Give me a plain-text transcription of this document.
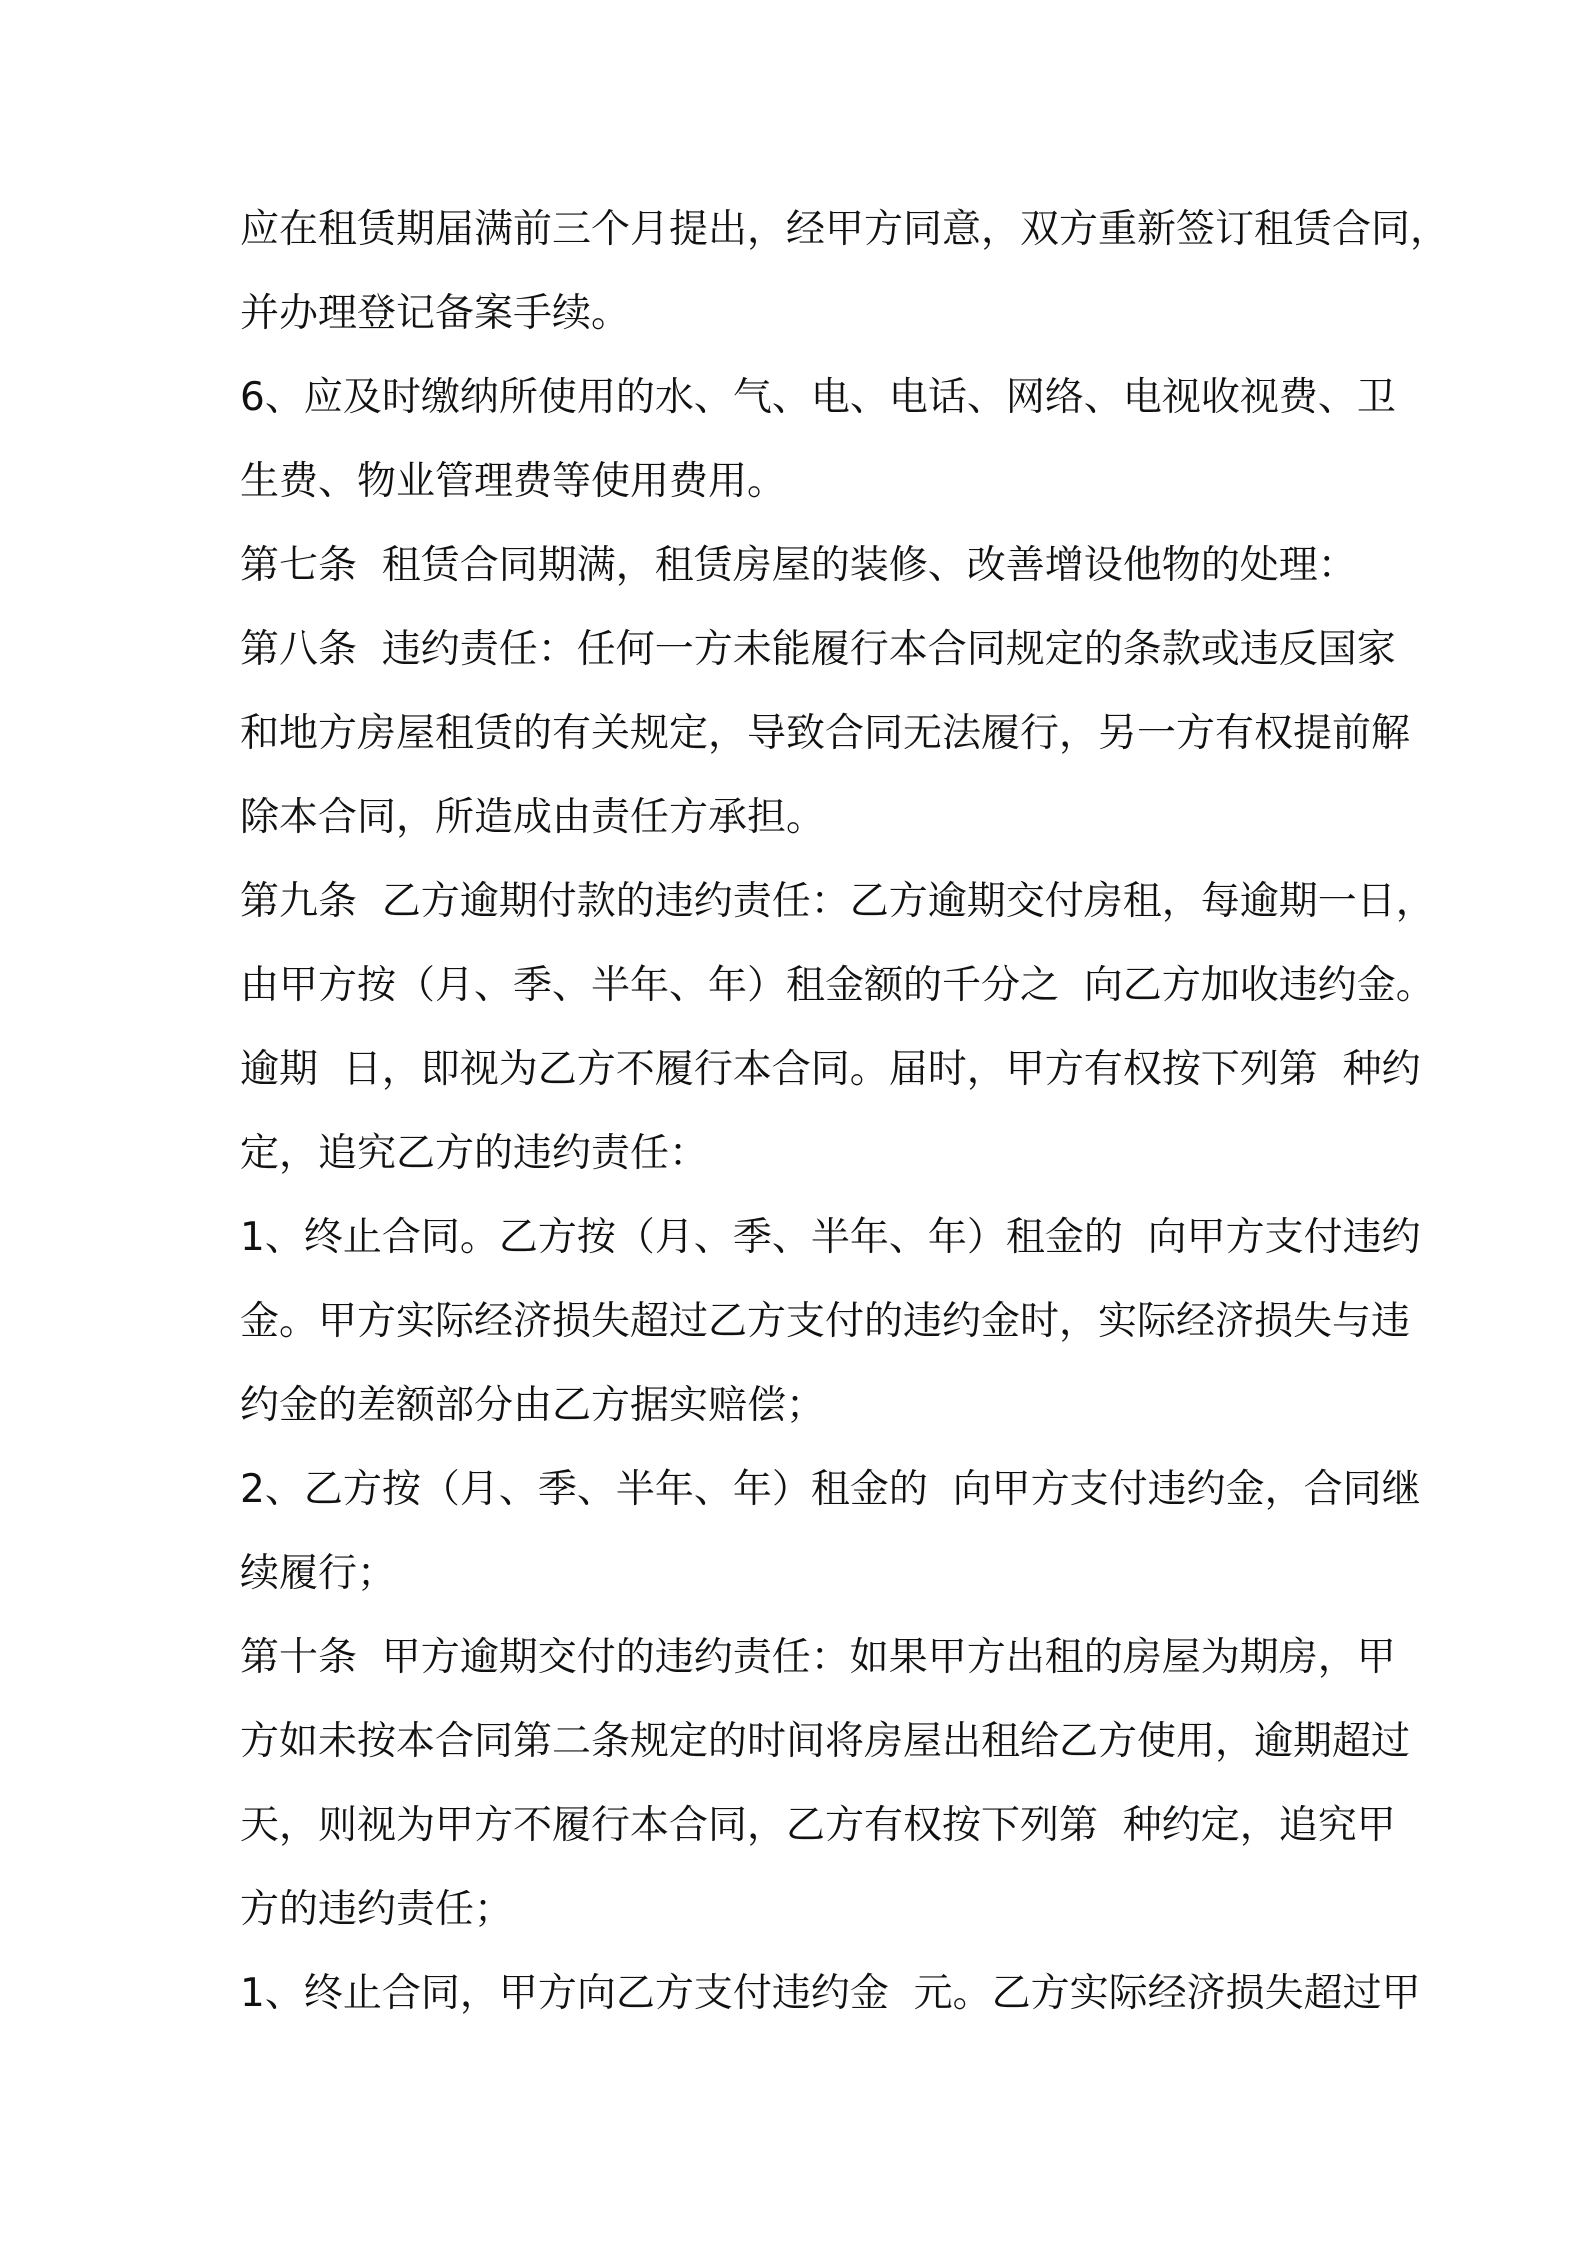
应在租赁期届满前三个月提出，经甲方同意，双方重新签订租赁合同，
并办理登记备案手续。
6、应及时缴纳所使用的水、气、电、电话、网络、电视收视费、卫
生费、物业管理费等使用费用。
第七条  租赁合同期满，租赁房屋的装修、改善增设他物的处理：
第八条  违约责任：任何一方未能履行本合同规定的条款或违反国家
和地方房屋租赁的有关规定，导致合同无法履行，另一方有权提前解
除本合同，所造成由责任方承担。
第九条  乙方逾期付款的违约责任：乙方逾期交付房租，每逾期一日，
由甲方按（月、季、半年、年）租金额的千分之  向乙方加收违约金。
逾期  日，即视为乙方不履行本合同。届时，甲方有权按下列第  种约
定，追究乙方的违约责任：
1、终止合同。乙方按（月、季、半年、年）租金的  向甲方支付违约
金。甲方实际经济损失超过乙方支付的违约金时，实际经济损失与违
约金的差额部分由乙方据实赔偿；
2、乙方按（月、季、半年、年）租金的  向甲方支付违约金，合同继
续履行；
第十条  甲方逾期交付的违约责任：如果甲方出租的房屋为期房，甲
方如未按本合同第二条规定的时间将房屋出租给乙方使用，逾期超过
天，则视为甲方不履行本合同，乙方有权按下列第  种约定，追究甲
方的违约责任；
1、终止合同，甲方向乙方支付违约金  元。乙方实际经济损失超过甲
